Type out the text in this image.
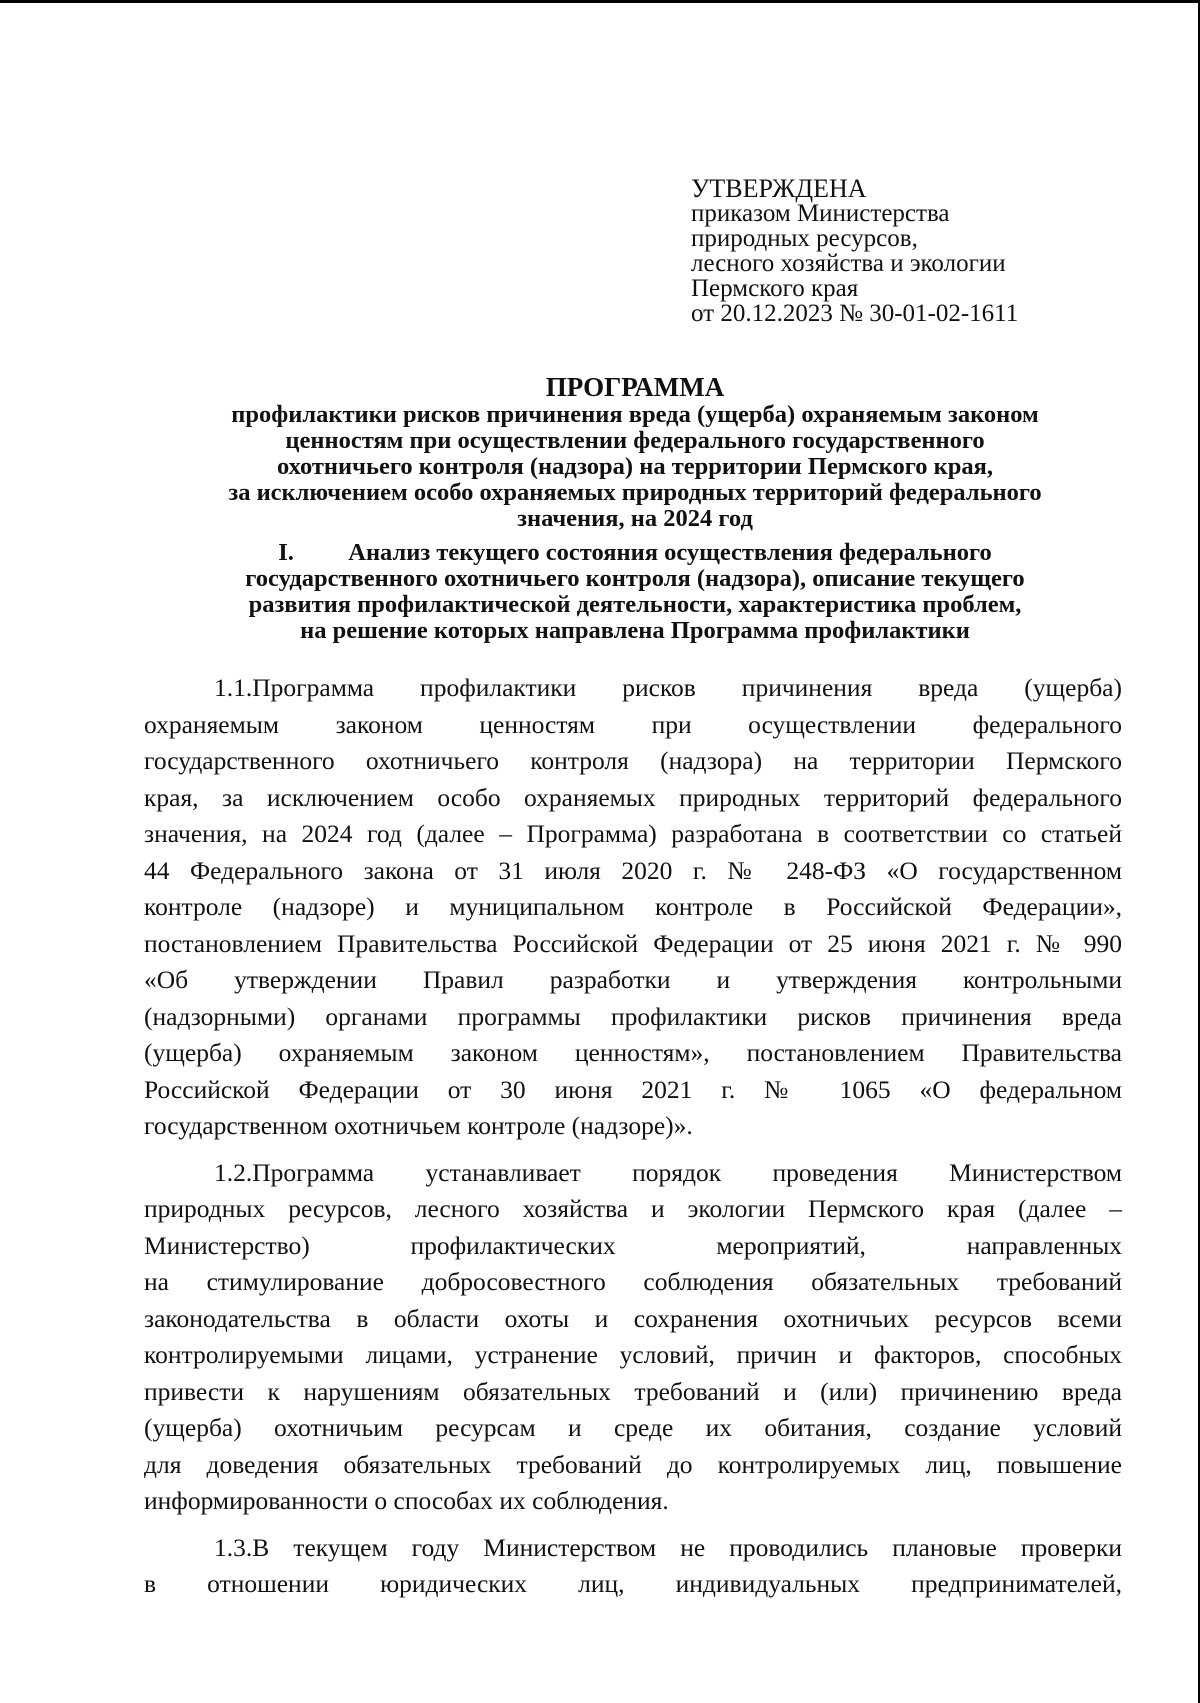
УТВЕРЖДЕНА
приказом Министерства
природных ресурсов,
лесного хозяйства и экологии
Пермского края
от 20.12.2023 № 30-01-02-1611
ПРОГРАММА
профилактики рисков причинения вреда (ущерба) охраняемым законом
ценностям при осуществлении федерального государственного
охотничьего контроля (надзора) на территории Пермского края,
за исключением особо охраняемых природных территорий федерального
значения, на 2024 год
I. Анализ текущего состояния осуществления федерального
государственного охотничьего контроля (надзора), описание текущего
развития профилактической деятельности, характеристика проблем,
на решение которых направлена Программа профилактики
1.1.Программа профилактики рисков причинения вреда (ущерба)
охраняемым законом ценностям при осуществлении федерального
государственного охотничьего контроля (надзора) на территории Пермского
края, за исключением особо охраняемых природных территорий федерального
значения, на 2024 год (далее – Программа) разработана в соответствии со статьей
44 Федерального закона от 31 июля 2020 г. № 248-ФЗ «О государственном
контроле (надзоре) и муниципальном контроле в Российской Федерации»,
постановлением Правительства Российской Федерации от 25 июня 2021 г. № 990
«Об утверждении Правил разработки и утверждения контрольными
(надзорными) органами программы профилактики рисков причинения вреда
(ущерба) охраняемым законом ценностям», постановлением Правительства
Российской Федерации от 30 июня 2021 г. № 1065 «О федеральном
государственном охотничьем контроле (надзоре)».
1.2.Программа устанавливает порядок проведения Министерством
природных ресурсов, лесного хозяйства и экологии Пермского края (далее –
Министерство) профилактических мероприятий, направленных
на стимулирование добросовестного соблюдения обязательных требований
законодательства в области охоты и сохранения охотничьих ресурсов всеми
контролируемыми лицами, устранение условий, причин и факторов, способных
привести к нарушениям обязательных требований и (или) причинению вреда
(ущерба) охотничьим ресурсам и среде их обитания, создание условий
для доведения обязательных требований до контролируемых лиц, повышение
информированности о способах их соблюдения.
1.3.В текущем году Министерством не проводились плановые проверки
в отношении юридических лиц, индивидуальных предпринимателей,
